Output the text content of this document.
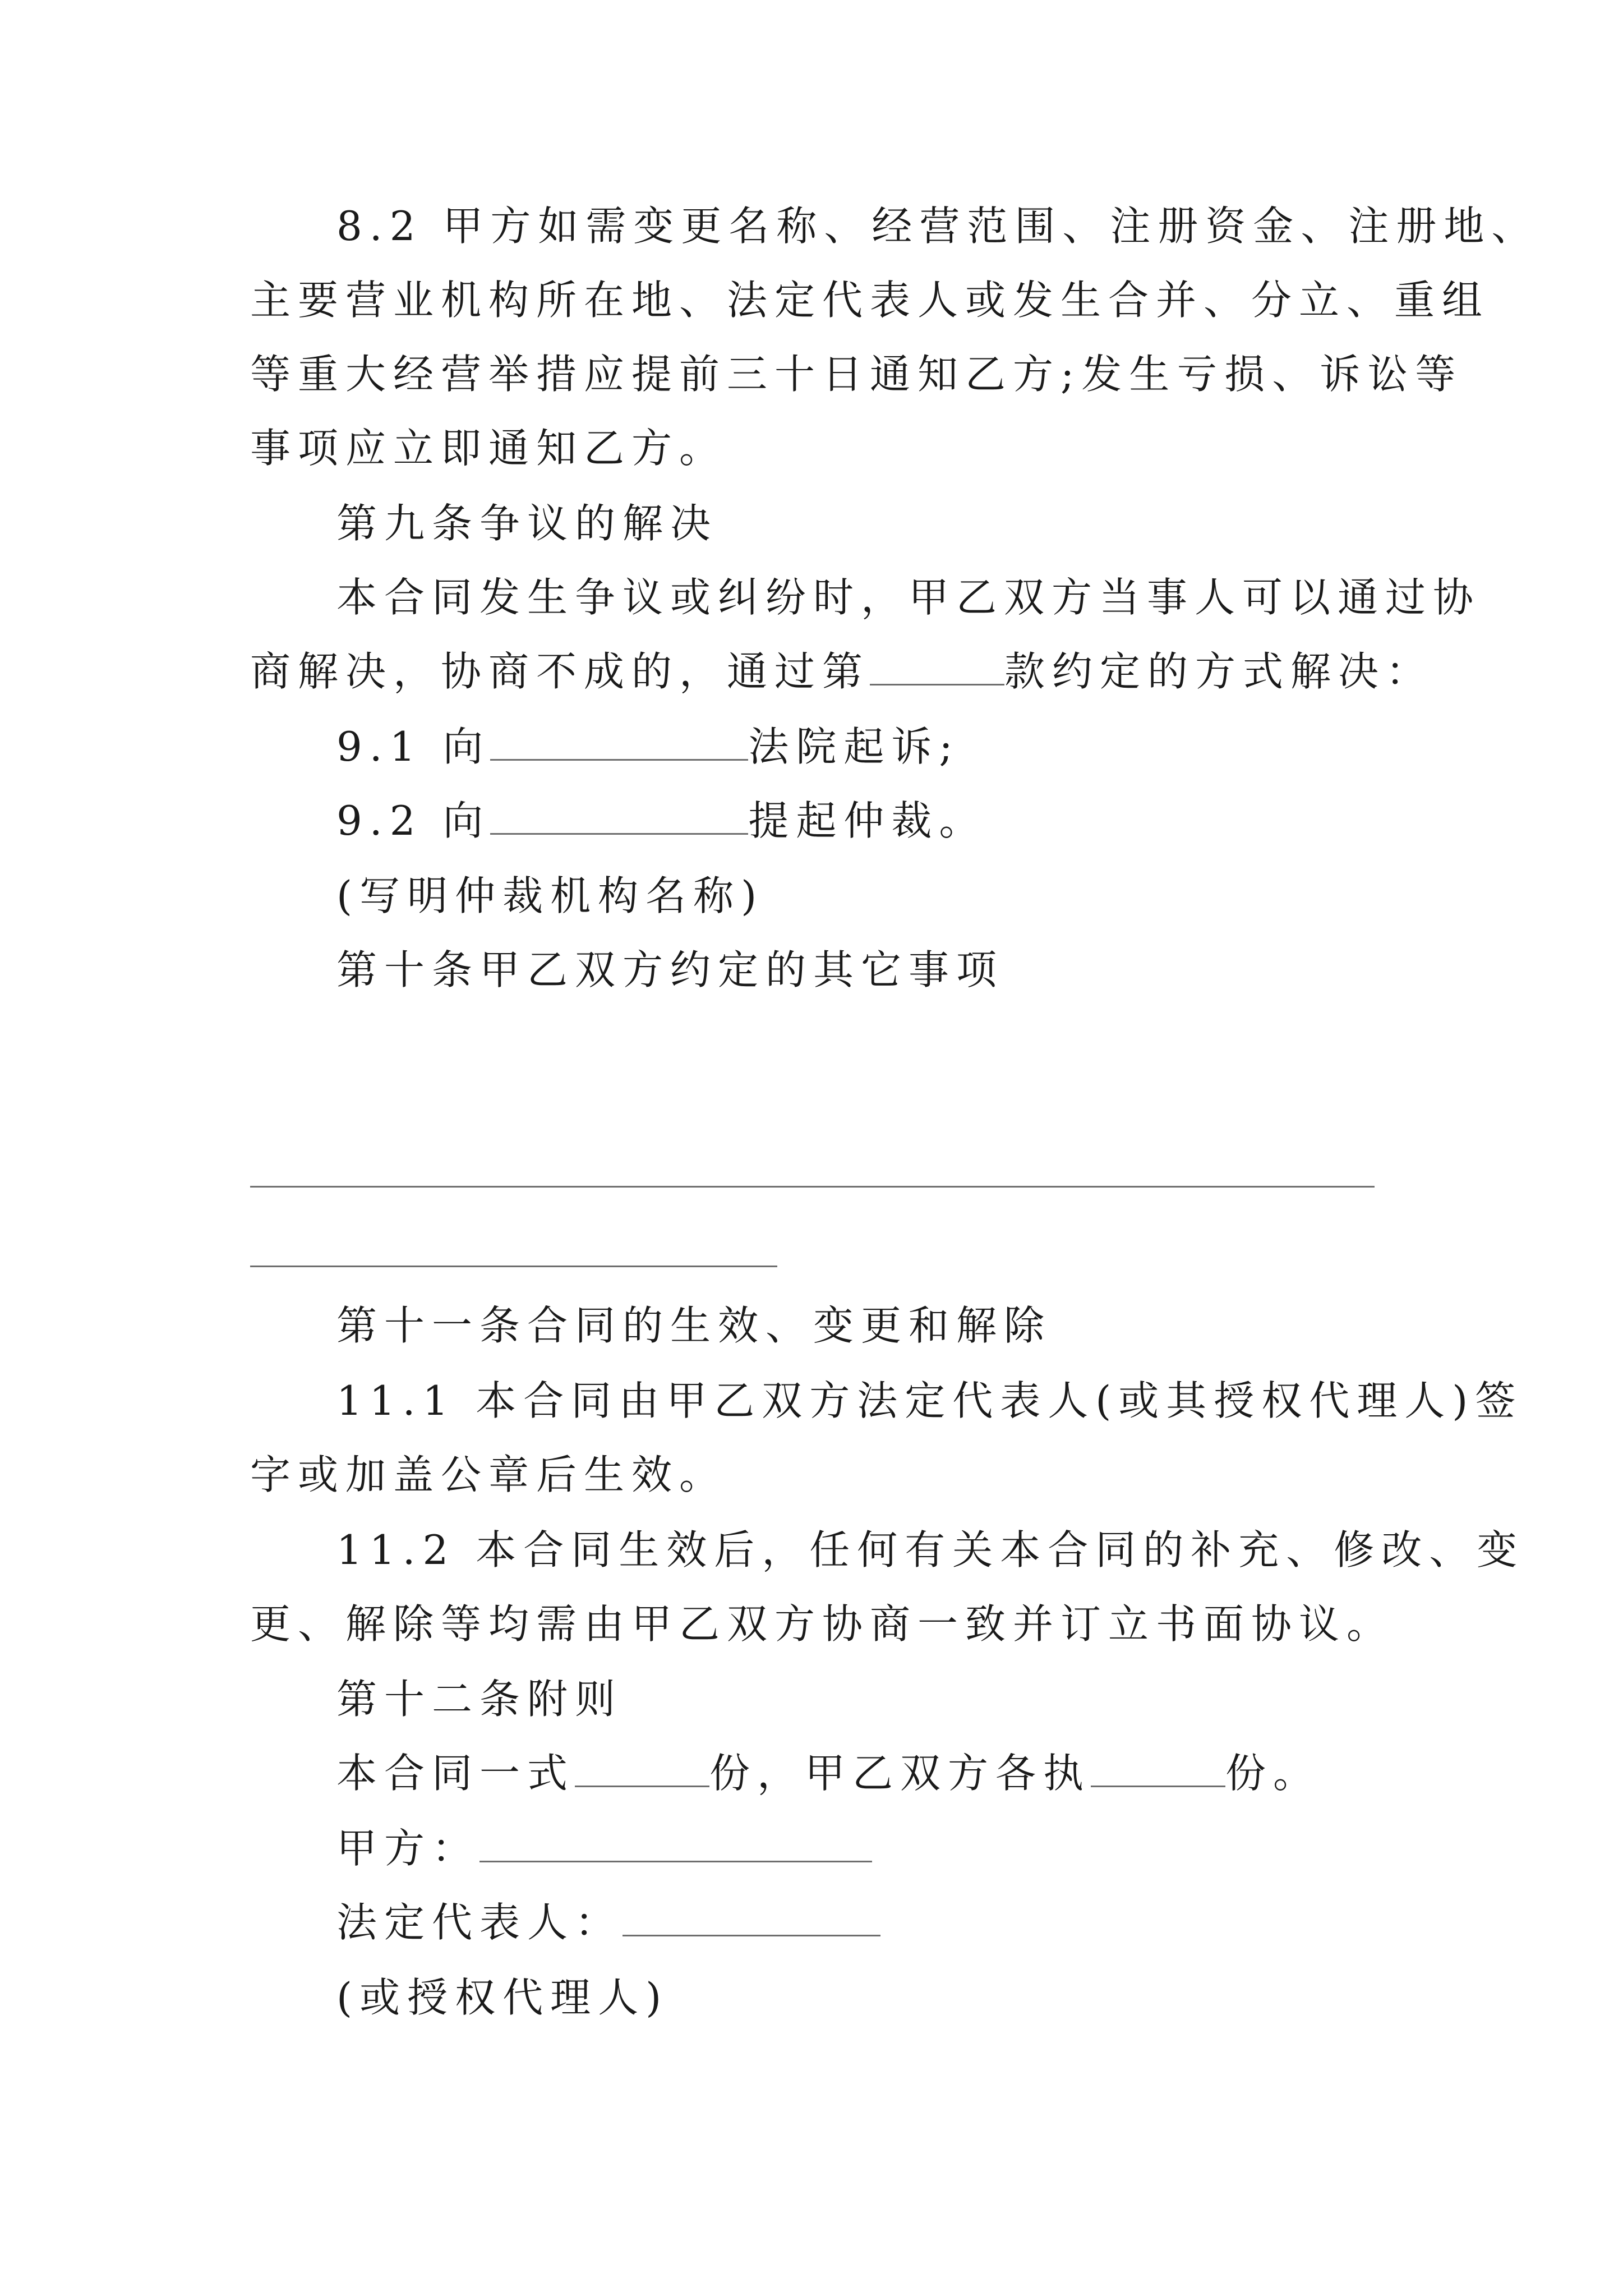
8.2 甲方如需变更名称、经营范围、注册资金、注册地、
主要营业机构所在地、法定代表人或发生合并、分立、重组
等重大经营举措应提前三十日通知乙方;发生亏损、诉讼等
事项应立即通知乙方。
第九条争议的解决
本合同发生争议或纠纷时，甲乙双方当事人可以通过协
商解决，协商不成的，通过第	款约定的方式解决：
9.1 向	法院起诉;
9.2 向	提起仲裁。
(写明仲裁机构名称)
第十条甲乙双方约定的其它事项
第十一条合同的生效、变更和解除
11.1 本合同由甲乙双方法定代表人(或其授权代理人)签
字或加盖公章后生效。
11.2 本合同生效后，任何有关本合同的补充、修改、变
更、解除等均需由甲乙双方协商一致并订立书面协议。
第十二条附则
本合同一式	份，甲乙双方各执	份。
甲方：
法定代表人：
(或授权代理人)
